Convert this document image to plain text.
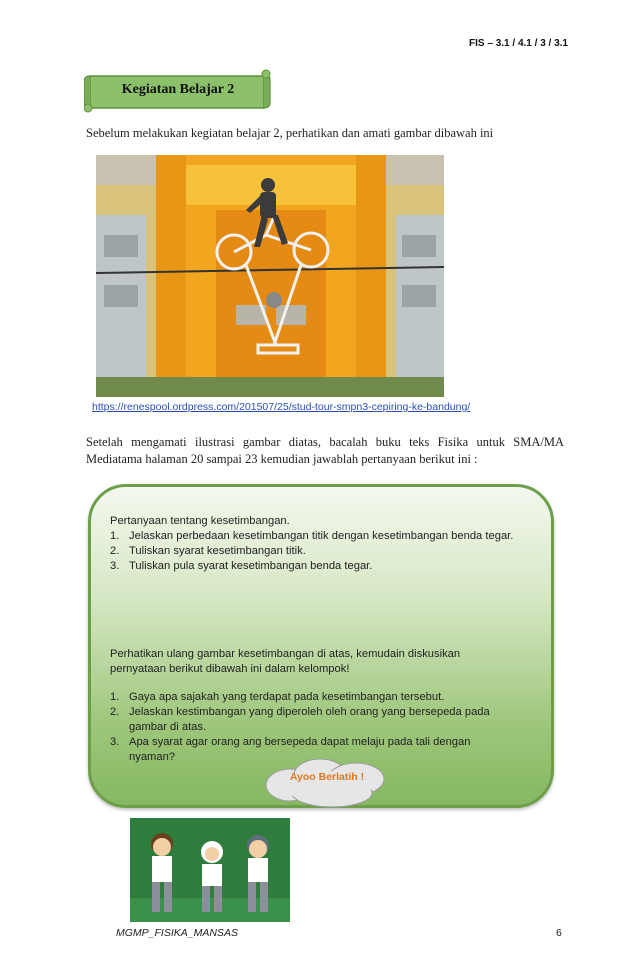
FIS – 3.1 / 4.1 / 3 / 3.1
Kegiatan Belajar 2
Sebelum melakukan kegiatan belajar 2, perhatikan dan amati gambar dibawah ini
https://renespool.ordpress.com/201507/25/stud-tour-smpn3-cepiring-ke-bandung/
Setelah mengamati ilustrasi gambar diatas, bacalah buku teks Fisika untuk SMA/MA Mediatama halaman 20 sampai 23 kemudian jawablah pertanyaan berikut ini :
Pertanyaan tentang kesetimbangan.
1. Jelaskan perbedaan kesetimbangan titik dengan kesetimbangan benda tegar.
2. Tuliskan syarat kesetimbangan titik.
3. Tuliskan pula syarat kesetimbangan benda tegar.
Perhatikan ulang gambar kesetimbangan di atas, kemudain diskusikan pernyataan berikut dibawah ini dalam kelompok!
1. Gaya apa sajakah yang terdapat pada kesetimbangan tersebut.
2. Jelaskan kestimbangan yang diperoleh oleh orang yang bersepeda pada gambar di atas.
3. Apa syarat agar orang ang bersepeda dapat melaju pada tali dengan nyaman?
Ayoo Berlatih !
MGMP_FISIKA_MANSAS	6
